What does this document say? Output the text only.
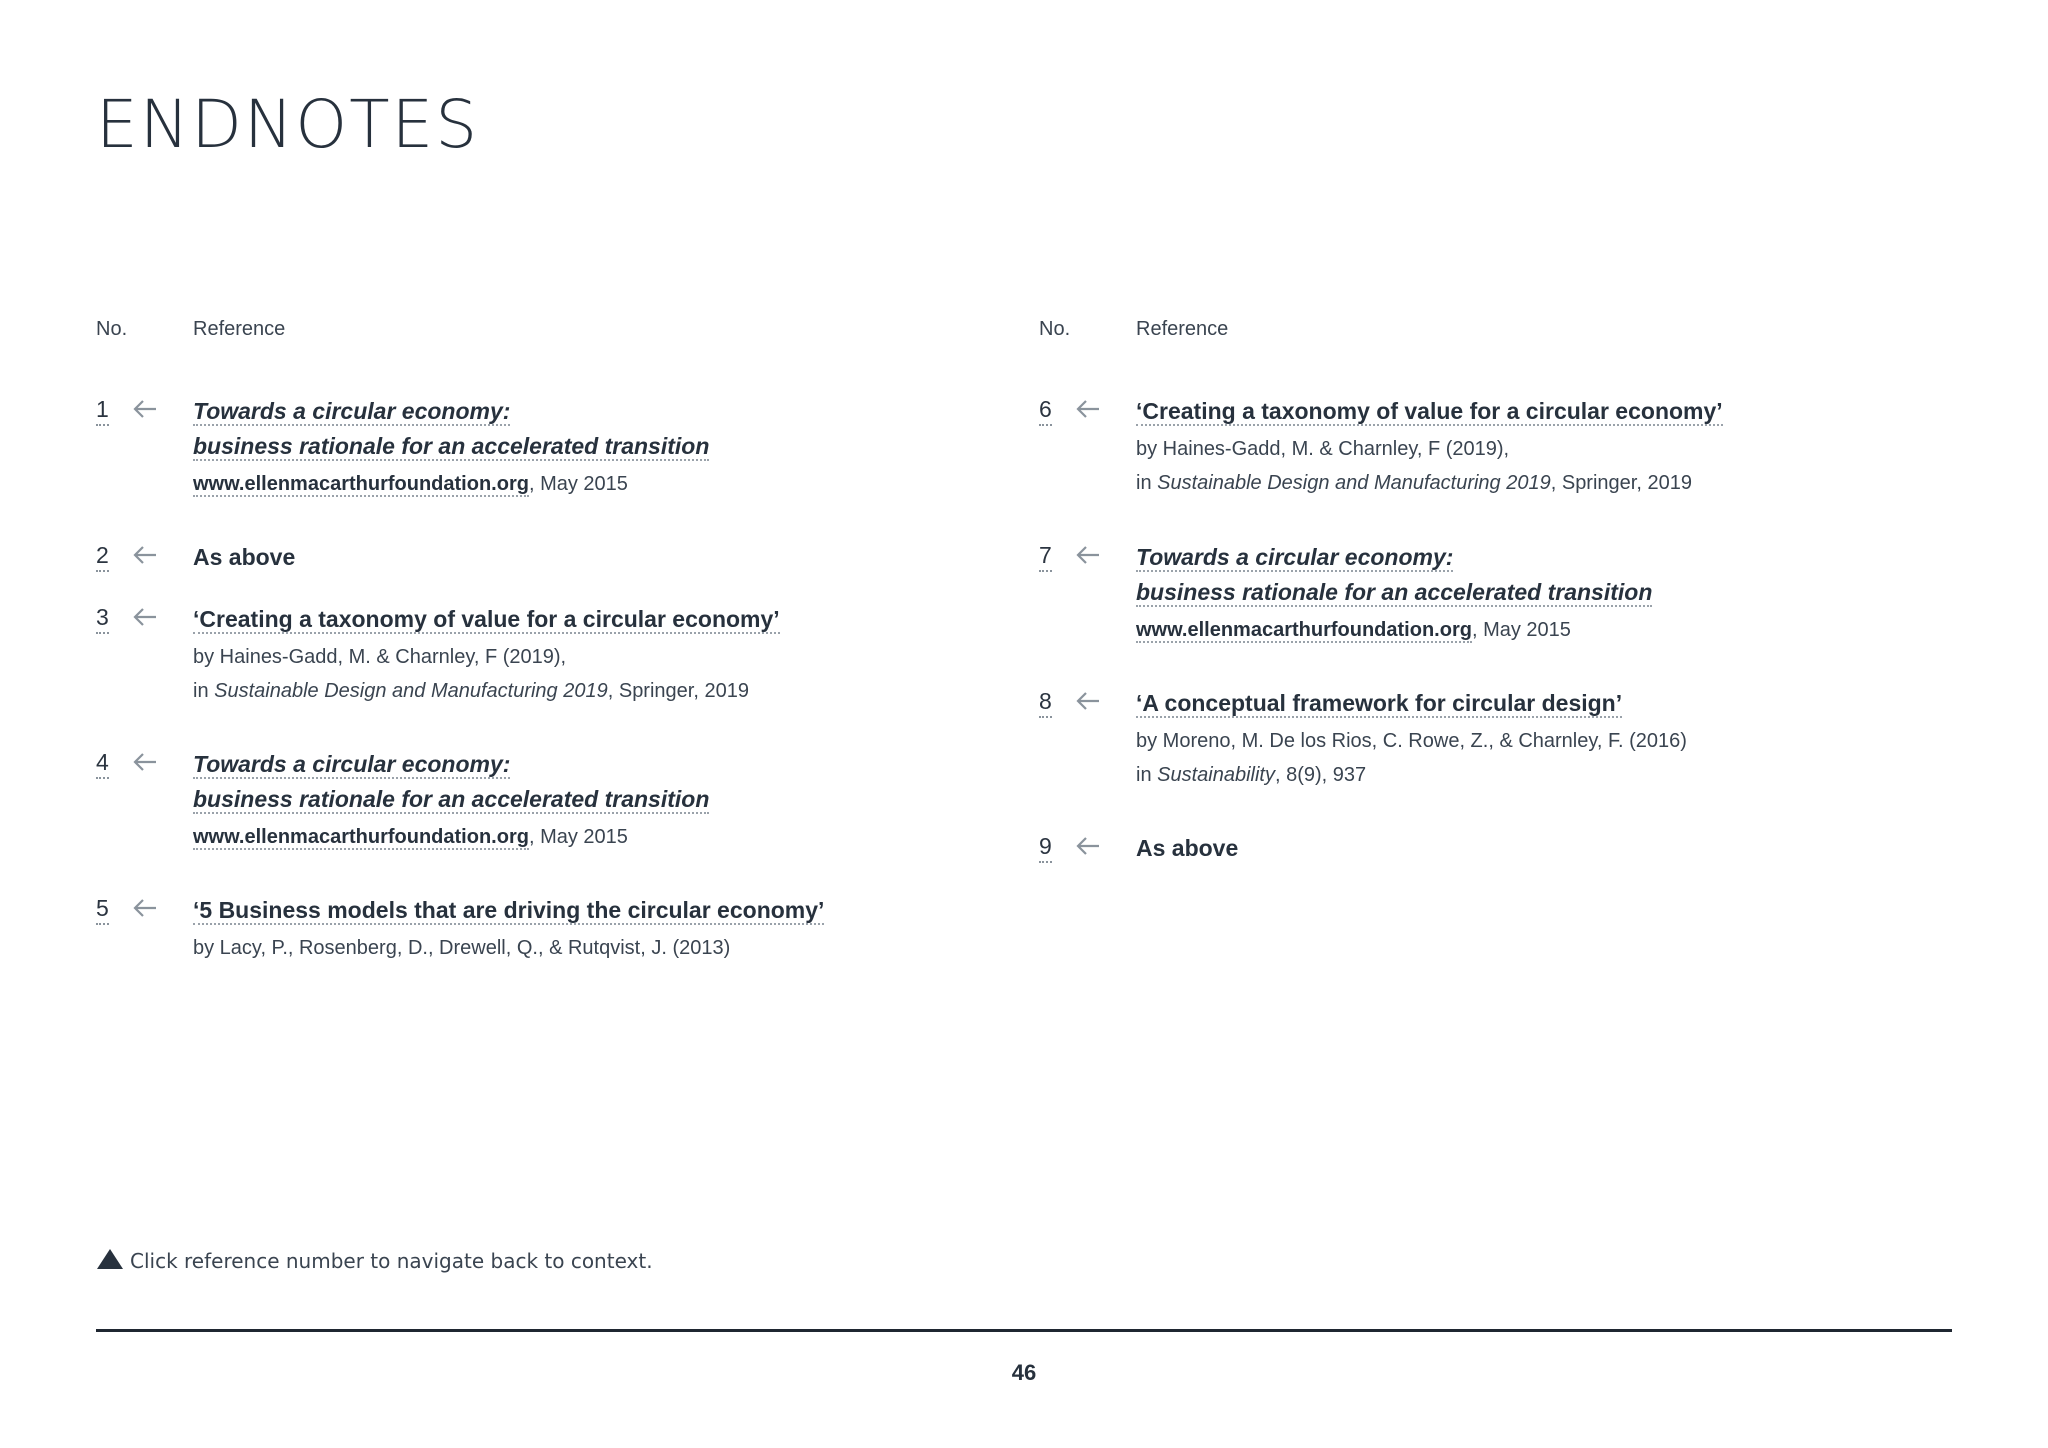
ENDNOTES
No.	Reference
1	Towards a circular economy:
business rationale for an accelerated transition
www.ellenmacarthurfoundation.org, May 2015
2	As above
3	‘Creating a taxonomy of value for a circular economy’
by Haines-Gadd, M. & Charnley, F (2019),
in Sustainable Design and Manufacturing 2019, Springer, 2019
4	Towards a circular economy:
business rationale for an accelerated transition
www.ellenmacarthurfoundation.org, May 2015
5	‘5 Business models that are driving the circular economy’
by Lacy, P., Rosenberg, D., Drewell, Q., & Rutqvist, J. (2013)
No.	Reference
6	‘Creating a taxonomy of value for a circular economy’
by Haines-Gadd, M. & Charnley, F (2019),
in Sustainable Design and Manufacturing 2019, Springer, 2019
7	Towards a circular economy:
business rationale for an accelerated transition
www.ellenmacarthurfoundation.org, May 2015
8	‘A conceptual framework for circular design’
by Moreno, M. De los Rios, C. Rowe, Z., & Charnley, F. (2016)
in Sustainability, 8(9), 937
9	As above
Click reference number to navigate back to context.
46
